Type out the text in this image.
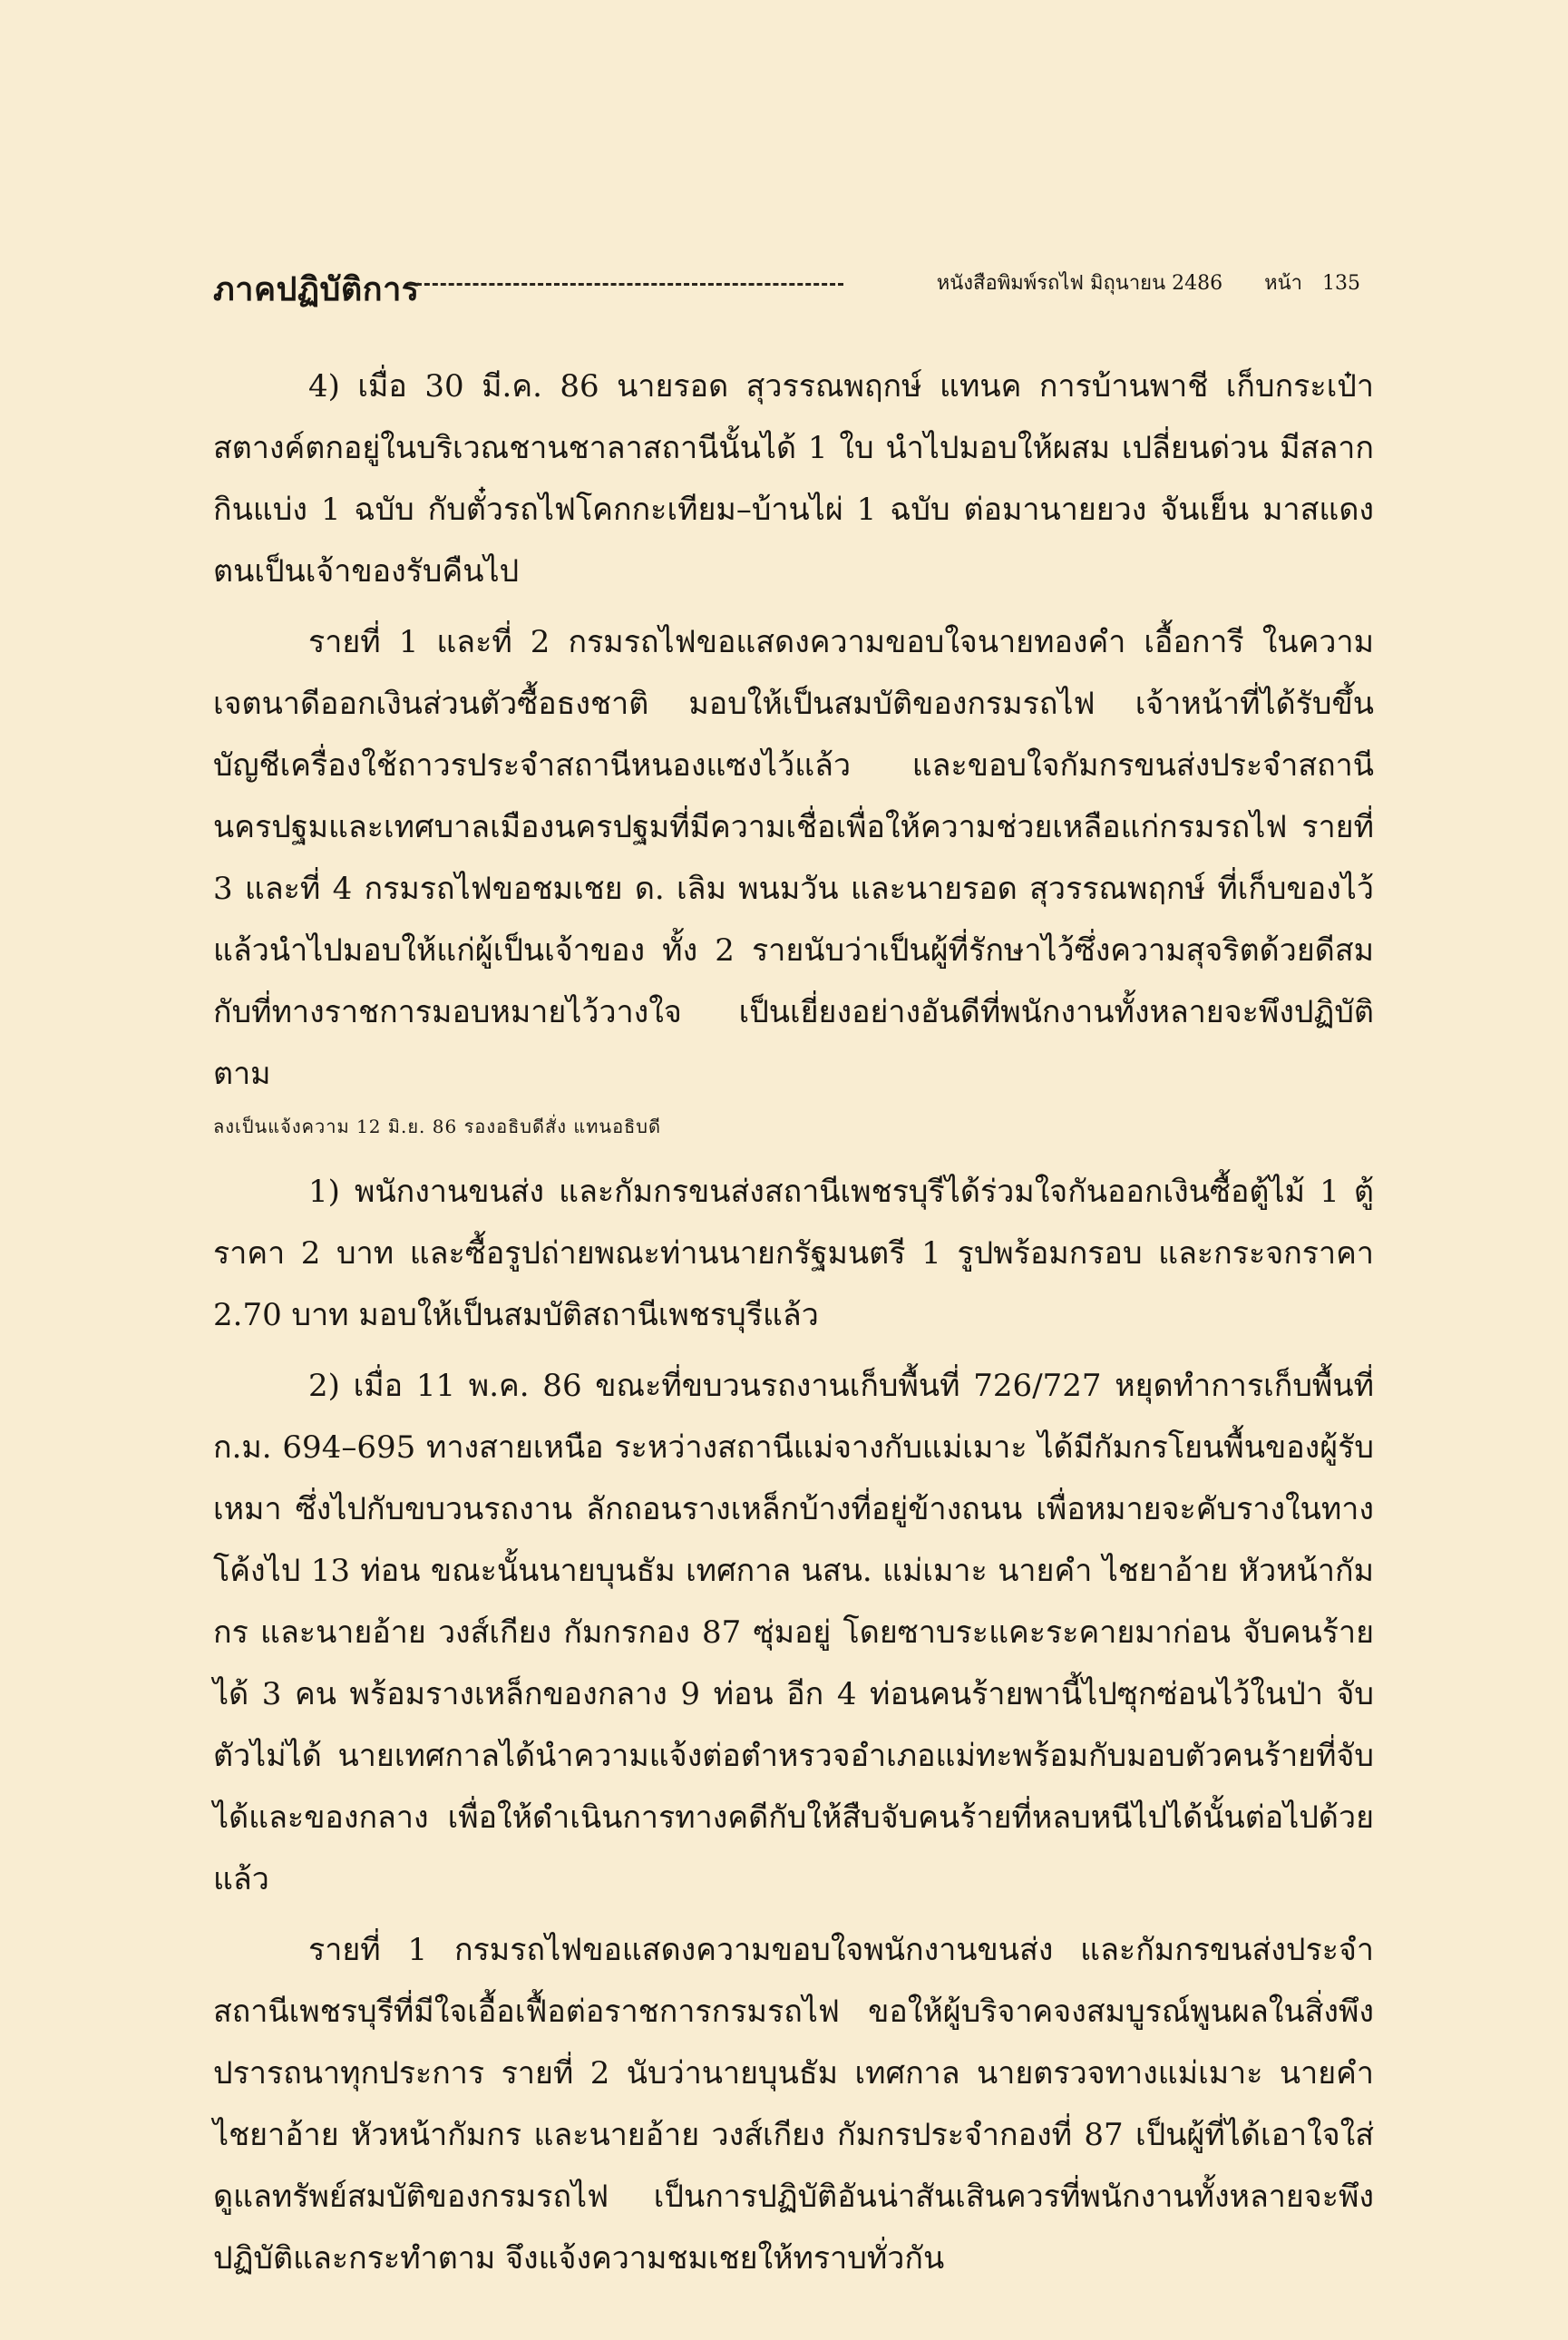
ภาคปฏิบัติการ	หนังสือพิมพ์รถไฟ มิถุนายน 2486 หน้า 135

4) เมื่อ 30 มี.ค. 86 นายรอด สุวรรณพฤกษ์ แทนค การบ้านพาชี เก็บกระเป๋าสตางค์ตกอยู่ในบริเวณชานชาลาสถานีนั้นได้ 1 ใบ นำไปมอบให้ผสม เปลี่ยนด่วน มีสลากกินแบ่ง 1 ฉบับ กับตั๋วรถไฟโคกกะเทียม–บ้านไผ่ 1 ฉบับ ต่อมานายยวง จันเย็น มาสแดงตนเป็นเจ้าของรับคืนไป

รายที่ 1 และที่ 2 กรมรถไฟขอแสดงความขอบใจนายทองคำ เอื้อการี ในความเจตนาดีออกเงินส่วนตัวซื้อธงชาติ มอบให้เป็นสมบัติของกรมรถไฟ เจ้าหน้าที่ได้รับขึ้นบัญชีเครื่องใช้ถาวรประจำสถานีหนองแซงไว้แล้ว และขอบใจกัมกรขนส่งประจำสถานีนครปฐมและเทศบาลเมืองนครปฐมที่มีความเชื่อเพื่อให้ความช่วยเหลือแก่กรมรถไฟ รายที่ 3 และที่ 4 กรมรถไฟขอชมเชย ด. เลิม พนมวัน และนายรอด สุวรรณพฤกษ์ ที่เก็บของไว้แล้วนำไปมอบให้แก่ผู้เป็นเจ้าของ ทั้ง 2 รายนับว่าเป็นผู้ที่รักษาไว้ซึ่งความสุจริตด้วยดีสมกับที่ทางราชการมอบหมายไว้วางใจ เป็นเยี่ยงอย่างอันดีที่พนักงานทั้งหลายจะพึงปฏิบัติตาม

ลงเป็นแจ้งความ 12 มิ.ย. 86 รองอธิบดีสั่ง แทนอธิบดี

1) พนักงานขนส่ง และกัมกรขนส่งสถานีเพชรบุรีได้ร่วมใจกันออกเงินซื้อตู้ไม้ 1 ตู้ ราคา 2 บาท และซื้อรูปถ่ายพณะท่านนายกรัฐมนตรี 1 รูปพร้อมกรอบ และกระจกราคา 2.70 บาท มอบให้เป็นสมบัติสถานีเพชรบุรีแล้ว

2) เมื่อ 11 พ.ค. 86 ขณะที่ขบวนรถงานเก็บพื้นที่ 726/727 หยุดทำการเก็บพื้นที่ ก.ม. 694–695 ทางสายเหนือ ระหว่างสถานีแม่จางกับแม่เมาะ ได้มีกัมกรโยนพื้นของผู้รับเหมา ซึ่งไปกับขบวนรถงาน ลักถอนรางเหล็กบ้างที่อยู่ข้างถนน เพื่อหมายจะคับรางในทางโค้งไป 13 ท่อน ขณะนั้นนายบุนธัม เทศกาล นสน. แม่เมาะ นายคำ ไชยาอ้าย หัวหน้ากัมกร และนายอ้าย วงส์เกียง กัมกรกอง 87 ซุ่มอยู่ โดยซาบระแคะระคายมาก่อน จับคนร้ายได้ 3 คน พร้อมรางเหล็กของกลาง 9 ท่อน อีก 4 ท่อนคนร้ายพานี้ไปซุกซ่อนไว้ในป่า จับตัวไม่ได้ นายเทศกาลได้นำความแจ้งต่อตำหรวจอำเภอแม่ทะพร้อมกับมอบตัวคนร้ายที่จับได้และของกลาง เพื่อให้ดำเนินการทางคดีกับให้สืบจับคนร้ายที่หลบหนีไปได้นั้นต่อไปด้วยแล้ว

รายที่ 1 กรมรถไฟขอแสดงความขอบใจพนักงานขนส่ง และกัมกรขนส่งประจำสถานีเพชรบุรีที่มีใจเอื้อเฟื้อต่อราชการกรมรถไฟ ขอให้ผู้บริจาคจงสมบูรณ์พูนผลในสิ่งพึงปรารถนาทุกประการ รายที่ 2 นับว่านายบุนธัม เทศกาล นายตรวจทางแม่เมาะ นายคำ ไชยาอ้าย หัวหน้ากัมกร และนายอ้าย วงส์เกียง กัมกรประจำกองที่ 87 เป็นผู้ที่ได้เอาใจใส่ดูแลทรัพย์สมบัติของกรมรถไฟ เป็นการปฏิบัติอันน่าสันเสินควรที่พนักงานทั้งหลายจะพึงปฏิบัติและกระทำตาม จึงแจ้งความชมเชยให้ทราบทั่วกัน
